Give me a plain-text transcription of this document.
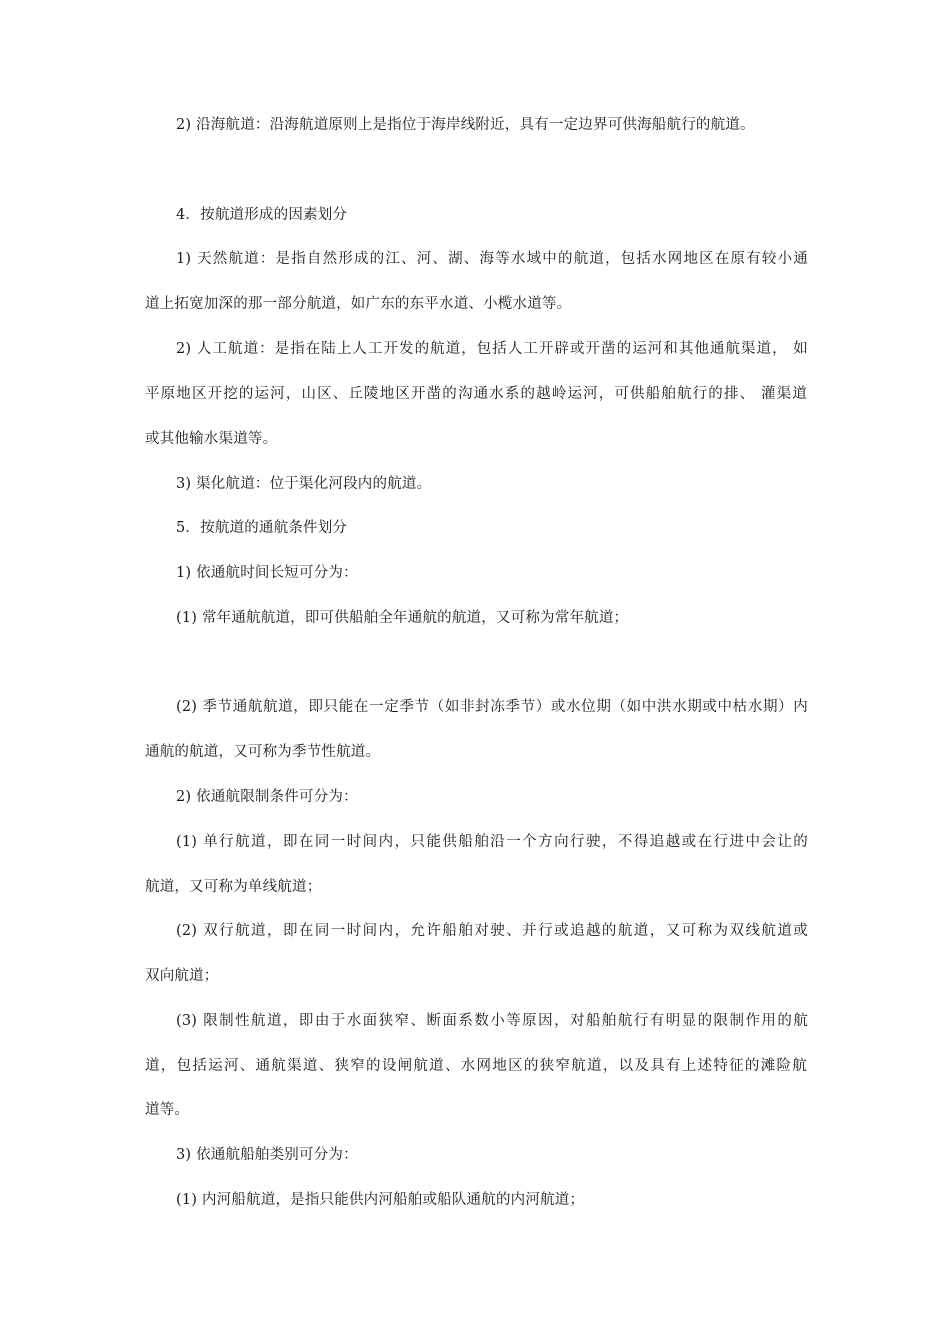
2) 沿海航道：沿海航道原则上是指位于海岸线附近，具有一定边界可供海船航行的航道。
4．按航道形成的因素划分
1) 天然航道：是指自然形成的江、河、湖、海等水域中的航道，包括水网地区在原有较小通
道上拓宽加深的那一部分航道，如广东的东平水道、小榄水道等。
2) 人工航道：是指在陆上人工开发的航道，包括人工开辟或开凿的运河和其他通航渠道， 如
平原地区开挖的运河，山区、丘陵地区开凿的沟通水系的越岭运河，可供船舶航行的排、 灌渠道
或其他输水渠道等。
3) 渠化航道：位于渠化河段内的航道。
5．按航道的通航条件划分
1) 依通航时间长短可分为：
(1) 常年通航航道，即可供船舶全年通航的航道，又可称为常年航道；
(2) 季节通航航道，即只能在一定季节（如非封冻季节）或水位期（如中洪水期或中枯水期）内
通航的航道，又可称为季节性航道。
2) 依通航限制条件可分为：
(1) 单行航道，即在同一时间内，只能供船舶沿一个方向行驶，不得追越或在行进中会让的
航道，又可称为单线航道；
(2) 双行航道，即在同一时间内，允许船舶对驶、并行或追越的航道，又可称为双线航道或
双向航道；
(3) 限制性航道，即由于水面狭窄、断面系数小等原因，对船舶航行有明显的限制作用的航
道，包括运河、通航渠道、狭窄的设闸航道、水网地区的狭窄航道，以及具有上述特征的滩险航
道等。
3) 依通航船舶类别可分为：
(1) 内河船航道，是指只能供内河船舶或船队通航的内河航道；
